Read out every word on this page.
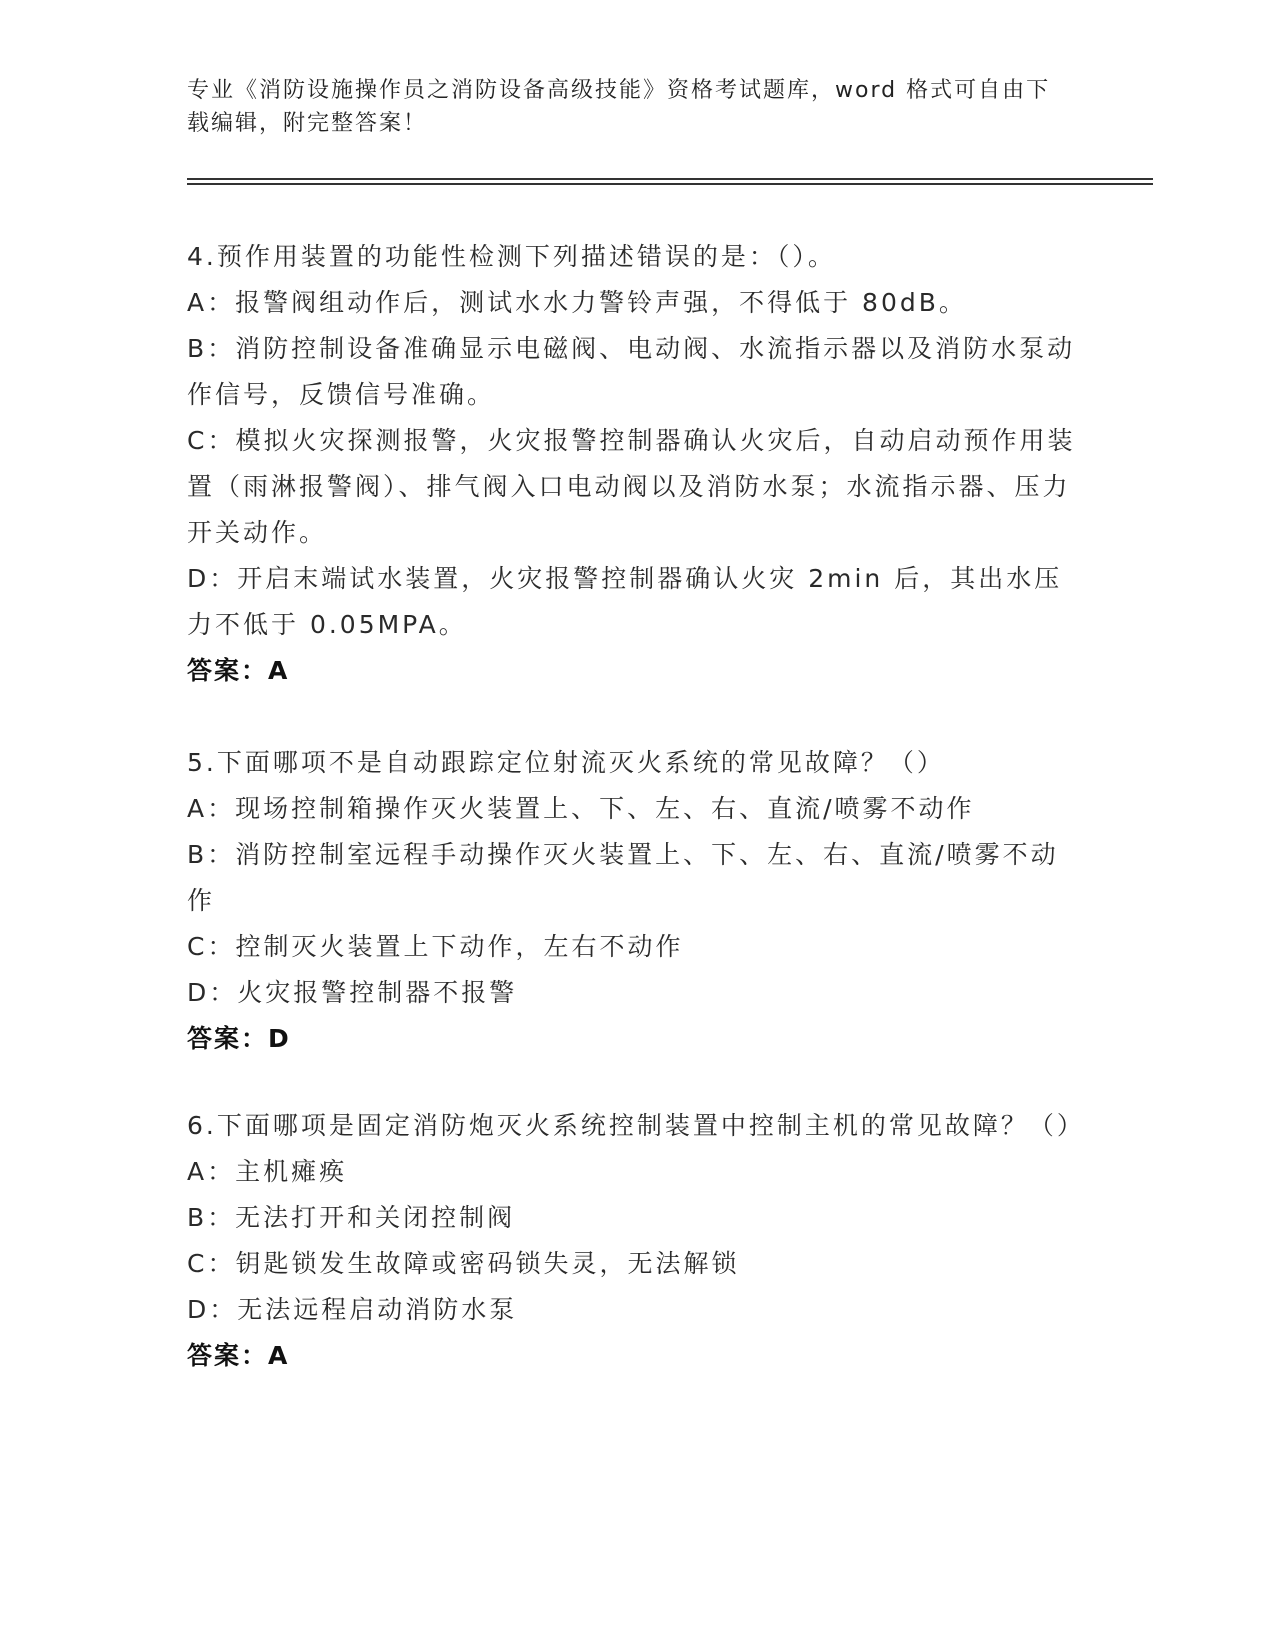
专业《消防设施操作员之消防设备高级技能》资格考试题库，word 格式可自由下载编辑，附完整答案！

4.预作用装置的功能性检测下列描述错误的是：（）。

A：报警阀组动作后，测试水水力警铃声强，不得低于 80dB。

B：消防控制设备准确显示电磁阀、电动阀、水流指示器以及消防水泵动作信号，反馈信号准确。

C：模拟火灾探测报警，火灾报警控制器确认火灾后，自动启动预作用装置（雨淋报警阀）、排气阀入口电动阀以及消防水泵；水流指示器、压力开关动作。

D：开启末端试水装置，火灾报警控制器确认火灾 2min 后，其出水压力不低于 0.05MPA。

答案：A

5.下面哪项不是自动跟踪定位射流灭火系统的常见故障？（）

A：现场控制箱操作灭火装置上、下、左、右、直流/喷雾不动作

B：消防控制室远程手动操作灭火装置上、下、左、右、直流/喷雾不动作

C：控制灭火装置上下动作，左右不动作

D：火灾报警控制器不报警

答案：D

6.下面哪项是固定消防炮灭火系统控制装置中控制主机的常见故障？（）

A：主机瘫痪

B：无法打开和关闭控制阀

C：钥匙锁发生故障或密码锁失灵，无法解锁

D：无法远程启动消防水泵

答案：A
